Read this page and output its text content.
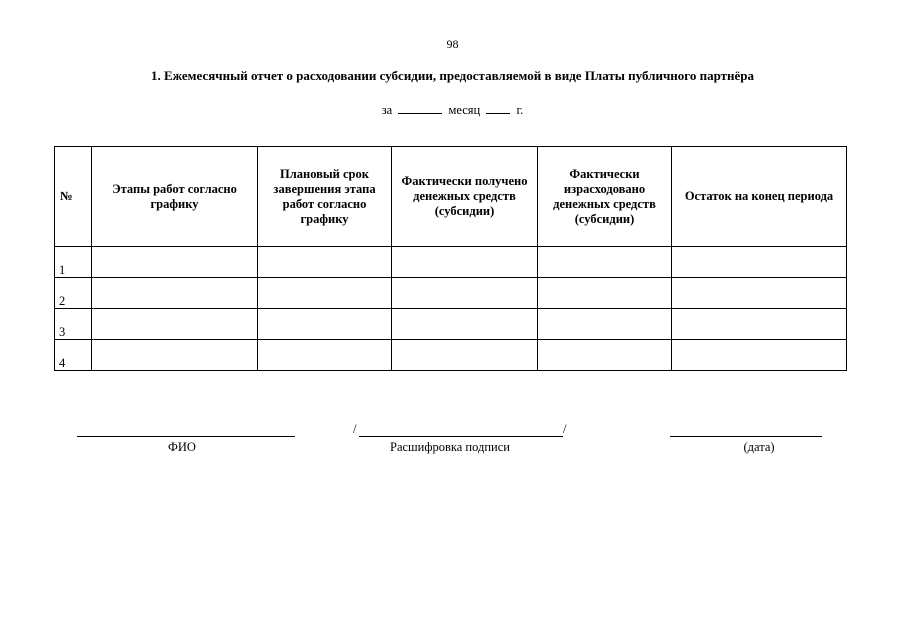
98
1. Ежемесячный отчет о расходовании субсидии, предоставляемой в виде Платы публичного партнёра
за	месяц	г.
№	Этапы работ согласно графику	Плановый срок завершения этапа работ согласно графику	Фактически получено денежных средств (субсидии)	Фактически израсходовано денежных средств (субсидии)	Остаток на конец периода
1					
2					
3					
4					
ФИО
/	/
Расшифровка подписи	(дата)
